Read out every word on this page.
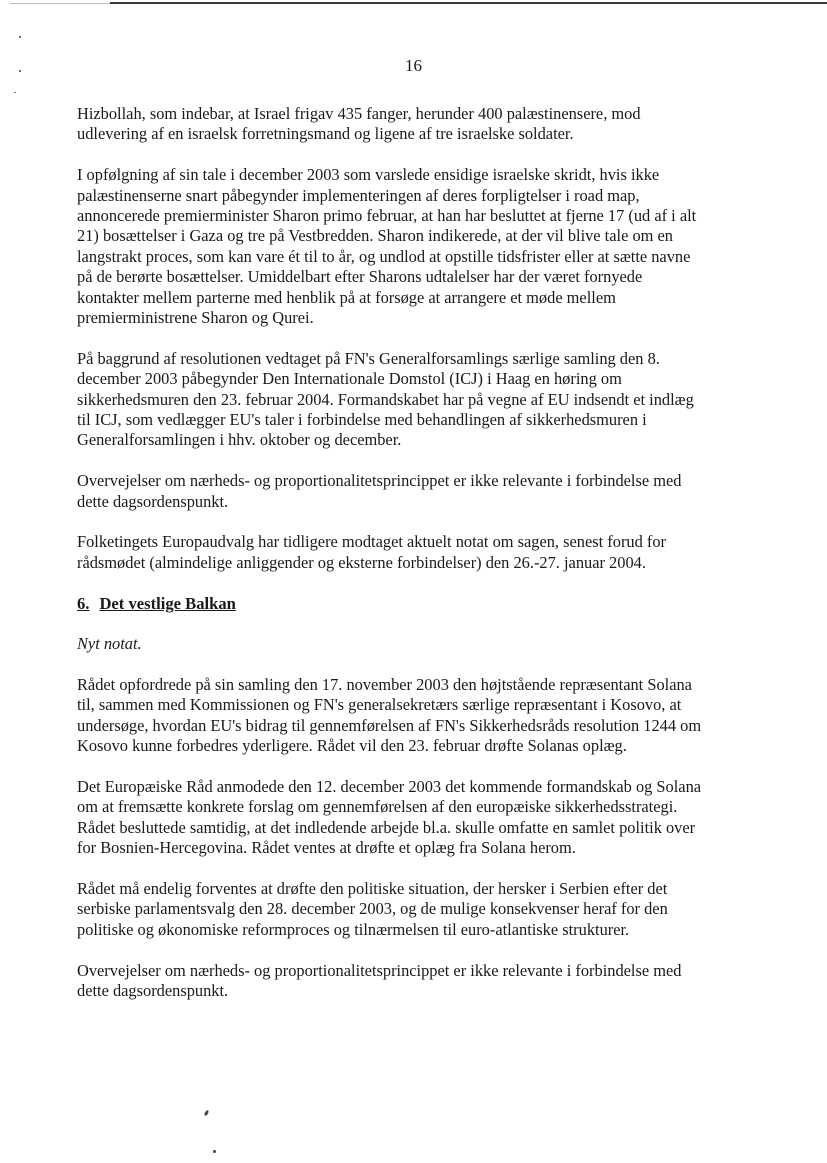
16

Hizbollah, som indebar, at Israel frigav 435 fanger, herunder 400 palæstinensere, mod
udlevering af en israelsk forretningsmand og ligene af tre israelske soldater.

I opfølgning af sin tale i december 2003 som varslede ensidige israelske skridt, hvis ikke
palæstinenserne snart påbegynder implementeringen af deres forpligtelser i road map,
annoncerede premierminister Sharon primo februar, at han har besluttet at fjerne 17 (ud af i alt
21) bosættelser i Gaza og tre på Vestbredden. Sharon indikerede, at der vil blive tale om en
langstrakt proces, som kan vare ét til to år, og undlod at opstille tidsfrister eller at sætte navne
på de berørte bosættelser. Umiddelbart efter Sharons udtalelser har der været fornyede
kontakter mellem parterne med henblik på at forsøge at arrangere et møde mellem
premierministrene Sharon og Qurei.

På baggrund af resolutionen vedtaget på FN's Generalforsamlings særlige samling den 8.
december 2003 påbegynder Den Internationale Domstol (ICJ) i Haag en høring om
sikkerhedsmuren den 23. februar 2004. Formandskabet har på vegne af EU indsendt et indlæg
til ICJ, som vedlægger EU's taler i forbindelse med behandlingen af sikkerhedsmuren i
Generalforsamlingen i hhv. oktober og december.

Overvejelser om nærheds- og proportionalitetsprincippet er ikke relevante i forbindelse med
dette dagsordenspunkt.

Folketingets Europaudvalg har tidligere modtaget aktuelt notat om sagen, senest forud for
rådsmødet (almindelige anliggender og eksterne forbindelser) den 26.-27. januar 2004.

6. Det vestlige Balkan

Nyt notat.

Rådet opfordrede på sin samling den 17. november 2003 den højtstående repræsentant Solana
til, sammen med Kommissionen og FN's generalsekretærs særlige repræsentant i Kosovo, at
undersøge, hvordan EU's bidrag til gennemførelsen af FN's Sikkerhedsråds resolution 1244 om
Kosovo kunne forbedres yderligere. Rådet vil den 23. februar drøfte Solanas oplæg.

Det Europæiske Råd anmodede den 12. december 2003 det kommende formandskab og Solana
om at fremsætte konkrete forslag om gennemførelsen af den europæiske sikkerhedsstrategi.
Rådet besluttede samtidig, at det indledende arbejde bl.a. skulle omfatte en samlet politik over
for Bosnien-Hercegovina. Rådet ventes at drøfte et oplæg fra Solana herom.

Rådet må endelig forventes at drøfte den politiske situation, der hersker i Serbien efter det
serbiske parlamentsvalg den 28. december 2003, og de mulige konsekvenser heraf for den
politiske og økonomiske reformproces og tilnærmelsen til euro-atlantiske strukturer.

Overvejelser om nærheds- og proportionalitetsprincippet er ikke relevante i forbindelse med
dette dagsordenspunkt.
